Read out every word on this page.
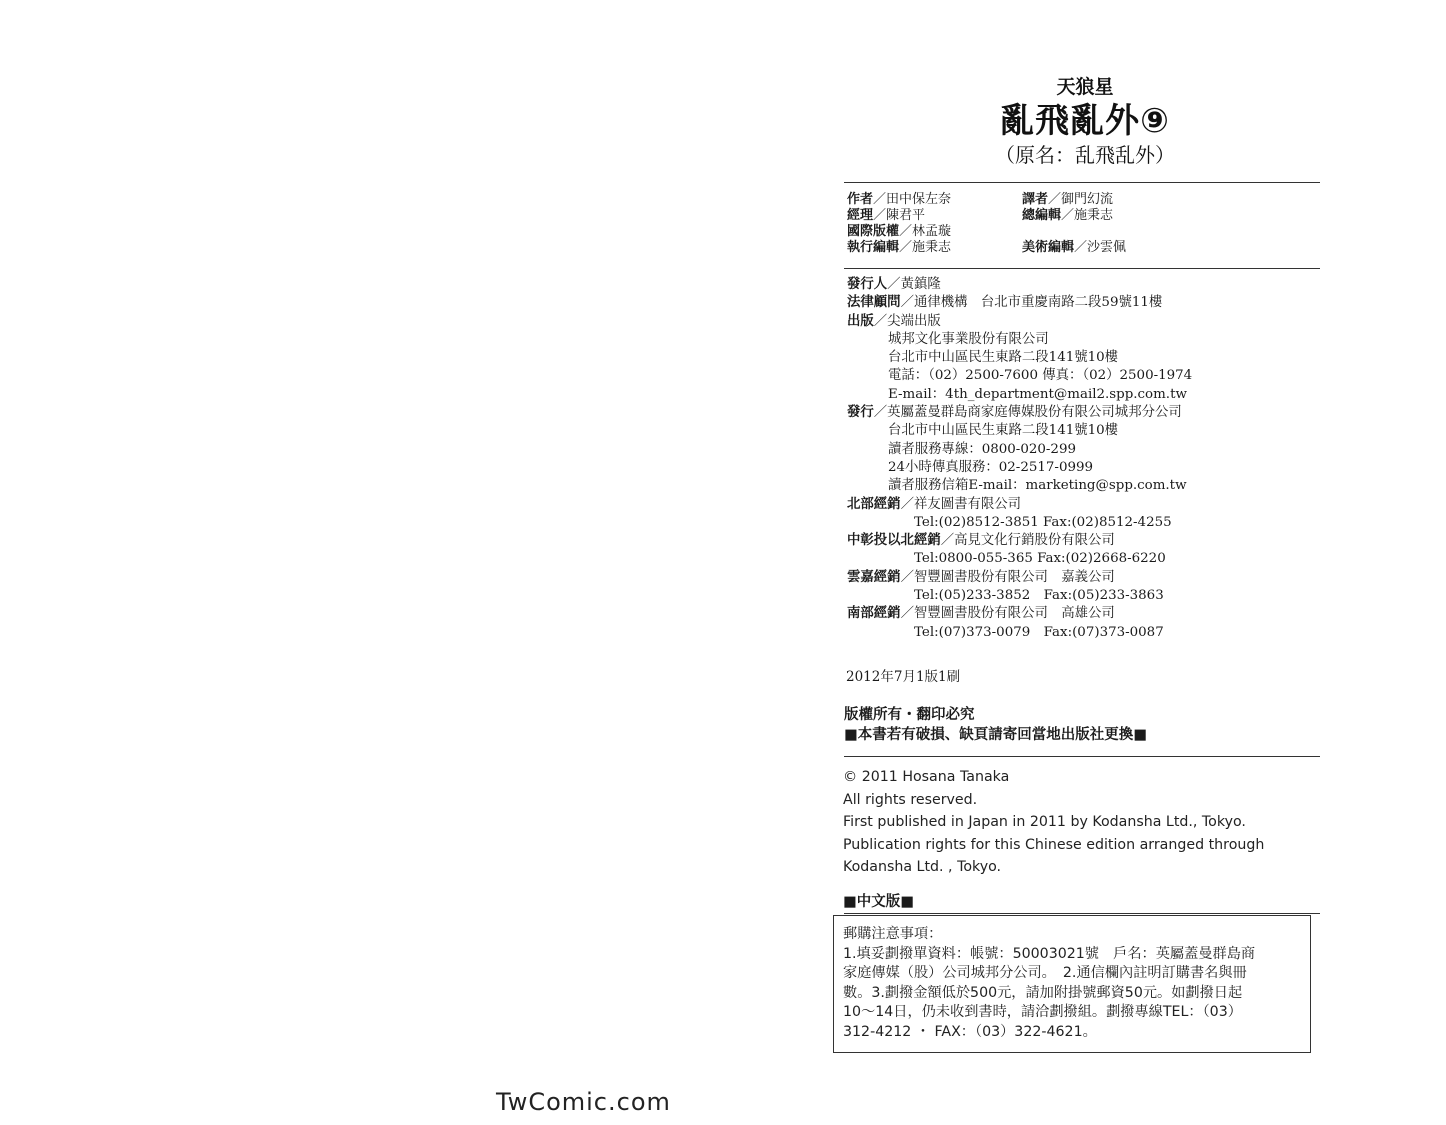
天狼星
亂飛亂外⑨
（原名：乱飛乱外）
作者／田中保左奈
經理／陳君平
國際版權／林孟璇
執行編輯／施秉志
譯者／御門幻流
總編輯／施秉志
美術編輯／沙雲佩
發行人／黃鎮隆
法律顧問／通律機構　台北市重慶南路二段59號11樓
出版／尖端出版
城邦文化事業股份有限公司
台北市中山區民生東路二段141號10樓
電話：（02）2500-7600 傳真：（02）2500-1974
E-mail：4th_department@mail2.spp.com.tw
發行／英屬蓋曼群島商家庭傳媒股份有限公司城邦分公司
台北市中山區民生東路二段141號10樓
讀者服務專線：0800-020-299
24小時傳真服務：02-2517-0999
讀者服務信箱E-mail：marketing@spp.com.tw
北部經銷／祥友圖書有限公司
Tel:(02)8512-3851 Fax:(02)8512-4255
中彰投以北經銷／高見文化行銷股份有限公司
Tel:0800-055-365 Fax:(02)2668-6220
雲嘉經銷／智豐圖書股份有限公司　嘉義公司
Tel:(05)233-3852　Fax:(05)233-3863
南部經銷／智豐圖書股份有限公司　高雄公司
Tel:(07)373-0079　Fax:(07)373-0087
2012年7月1版1刷
版權所有・翻印必究
■本書若有破損、缺頁請寄回當地出版社更換■
© 2011 Hosana Tanaka
All rights reserved.
First published in Japan in 2011 by Kodansha Ltd., Tokyo.
Publication rights for this Chinese edition arranged through
Kodansha Ltd. , Tokyo.
■中文版■
郵購注意事項：
1.填妥劃撥單資料：帳號：50003021號　戶名：英屬蓋曼群島商
家庭傳媒（股）公司城邦分公司。　2.通信欄內註明訂購書名與冊
數。3.劃撥金額低於500元，請加附掛號郵資50元。如劃撥日起
10～14日，仍未收到書時，請洽劃撥組。劃撥專線TEL：（03）
312-4212 ・ FAX：（03）322-4621。
TwComic.com
